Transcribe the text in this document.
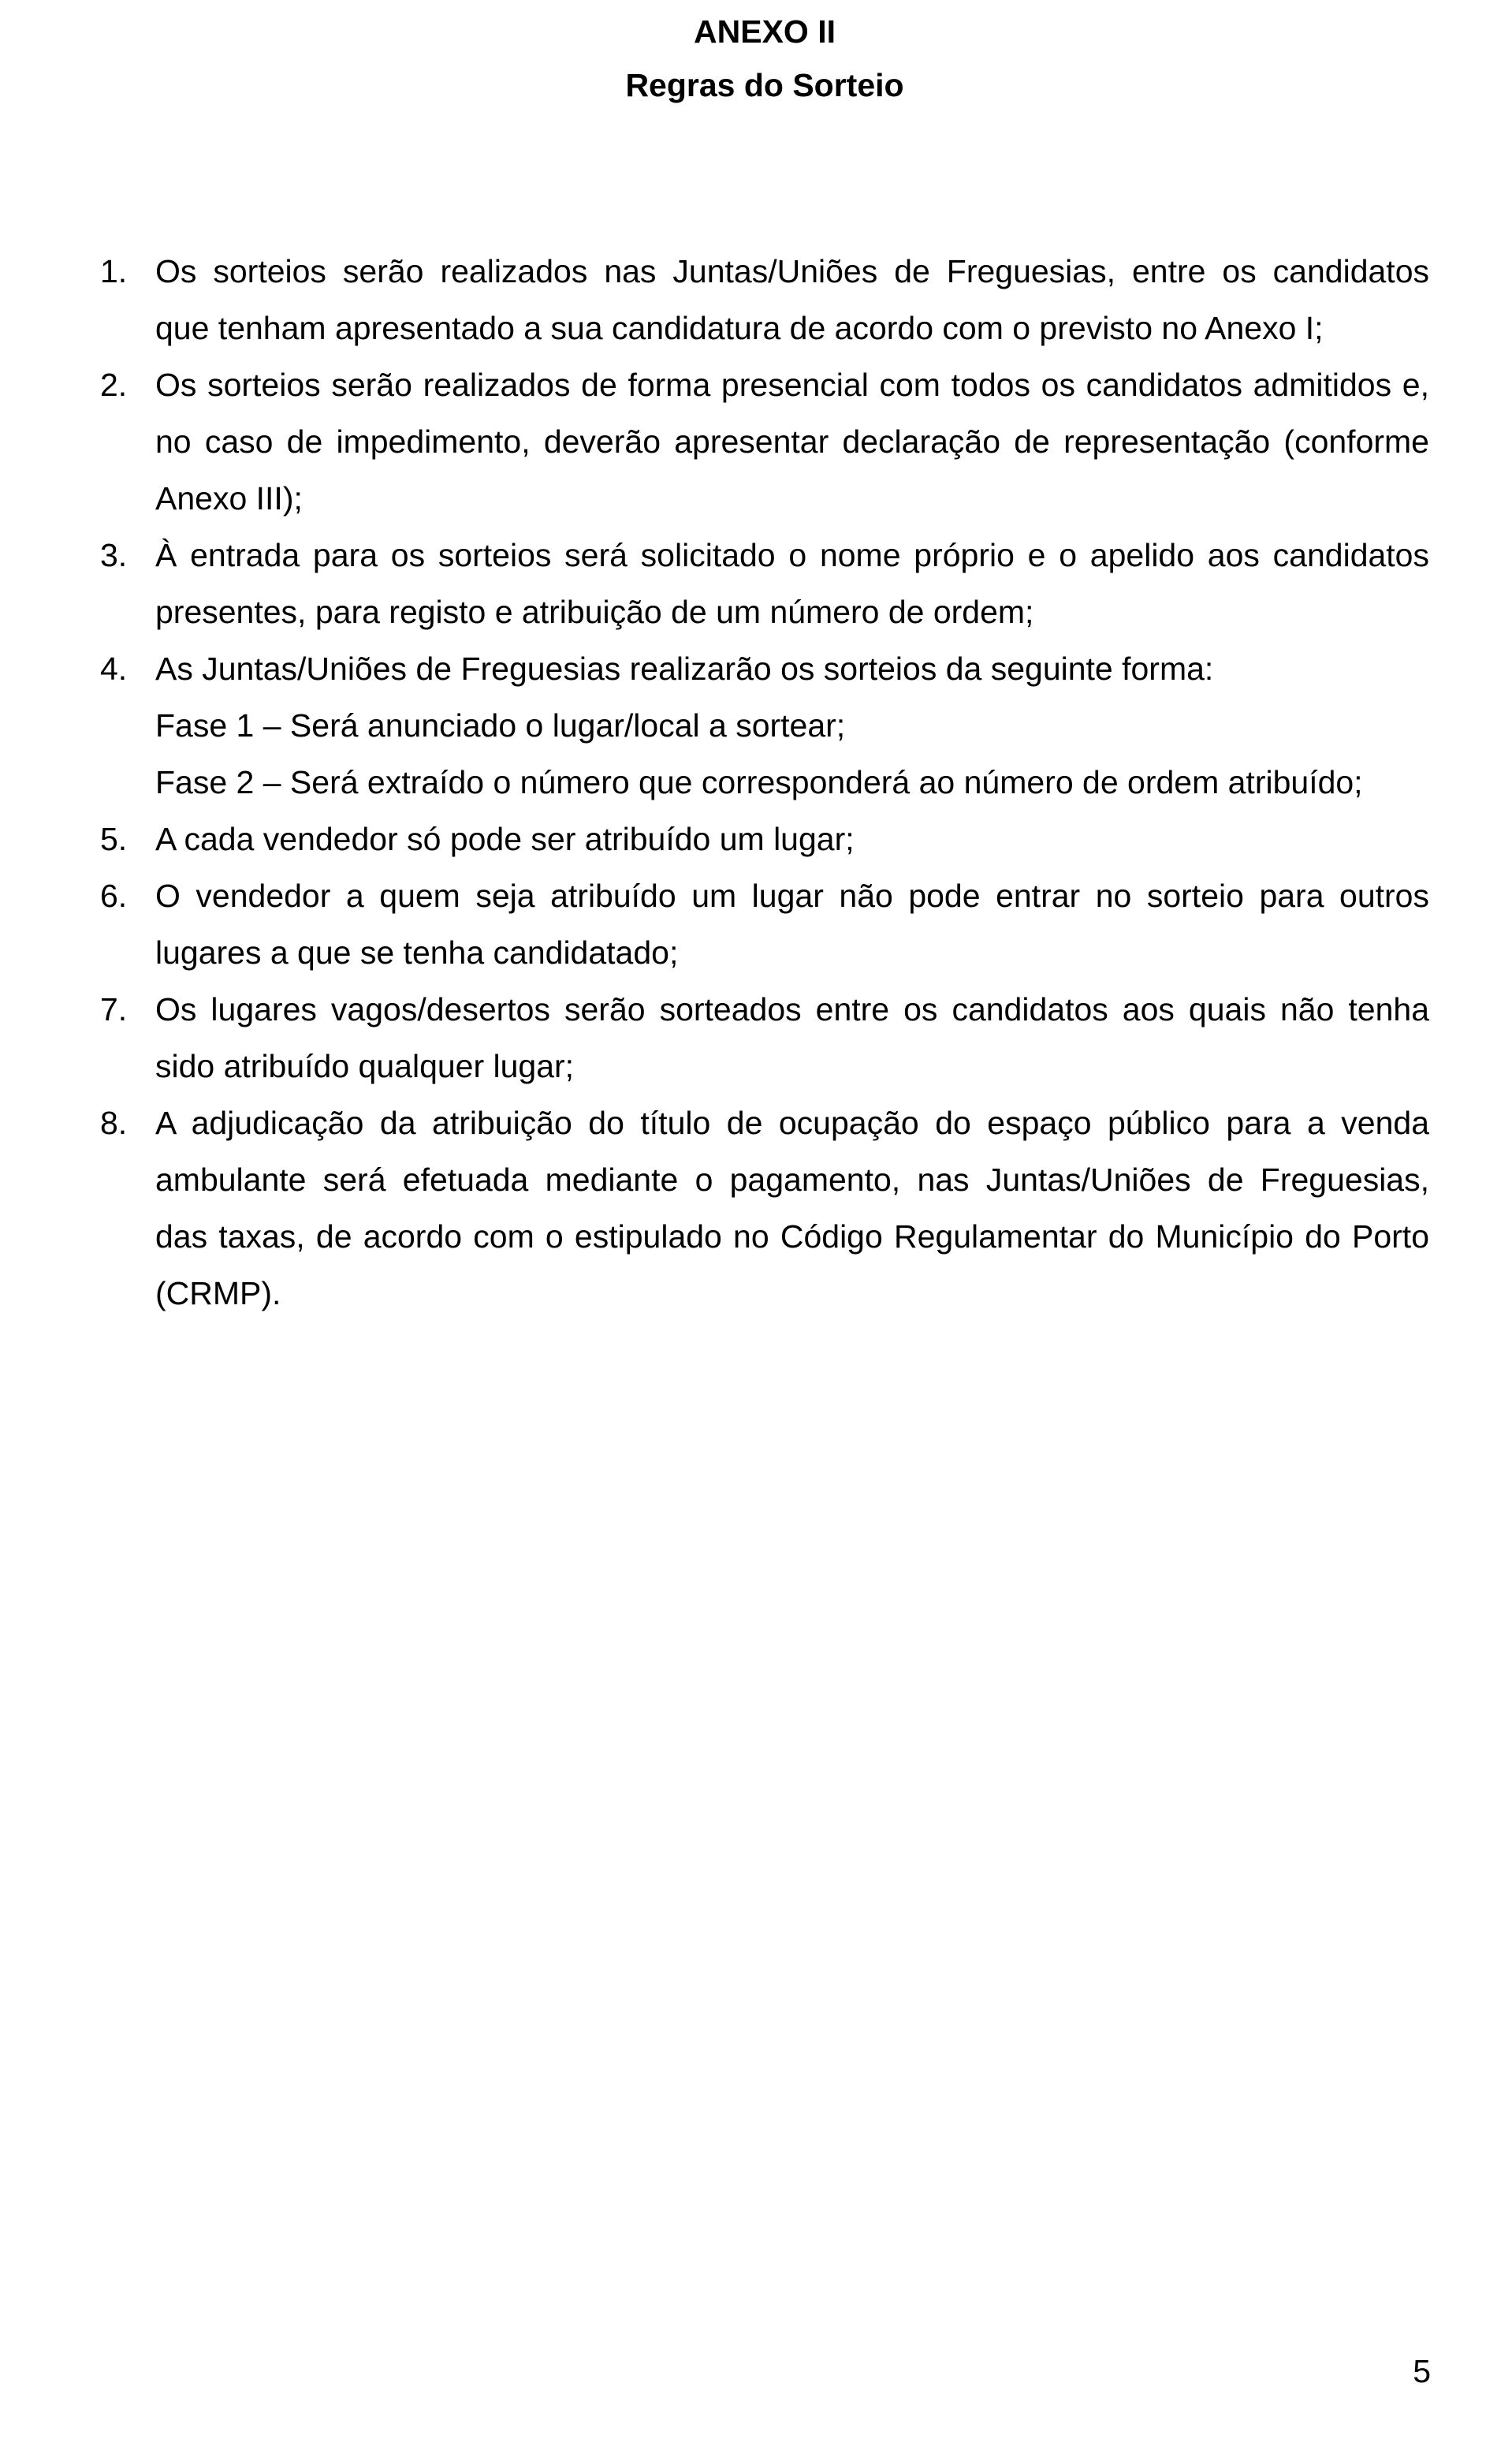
ANEXO II
Regras do Sorteio
1. Os sorteios serão realizados nas Juntas/Uniões de Freguesias, entre os candidatos
que tenham apresentado a sua candidatura de acordo com o previsto no Anexo I;
2. Os sorteios serão realizados de forma presencial com todos os candidatos admitidos e,
no caso de impedimento, deverão apresentar declaração de representação (conforme
Anexo III);
3. À entrada para os sorteios será solicitado o nome próprio e o apelido aos candidatos
presentes, para registo e atribuição de um número de ordem;
4. As Juntas/Uniões de Freguesias realizarão os sorteios da seguinte forma:
Fase 1 – Será anunciado o lugar/local a sortear;
Fase 2 – Será extraído o número que corresponderá ao número de ordem atribuído;
5. A cada vendedor só pode ser atribuído um lugar;
6. O vendedor a quem seja atribuído um lugar não pode entrar no sorteio para outros
lugares a que se tenha candidatado;
7. Os lugares vagos/desertos serão sorteados entre os candidatos aos quais não tenha
sido atribuído qualquer lugar;
8. A adjudicação da atribuição do título de ocupação do espaço público para a venda
ambulante será efetuada mediante o pagamento, nas Juntas/Uniões de Freguesias,
das taxas, de acordo com o estipulado no Código Regulamentar do Município do Porto
(CRMP).
5
